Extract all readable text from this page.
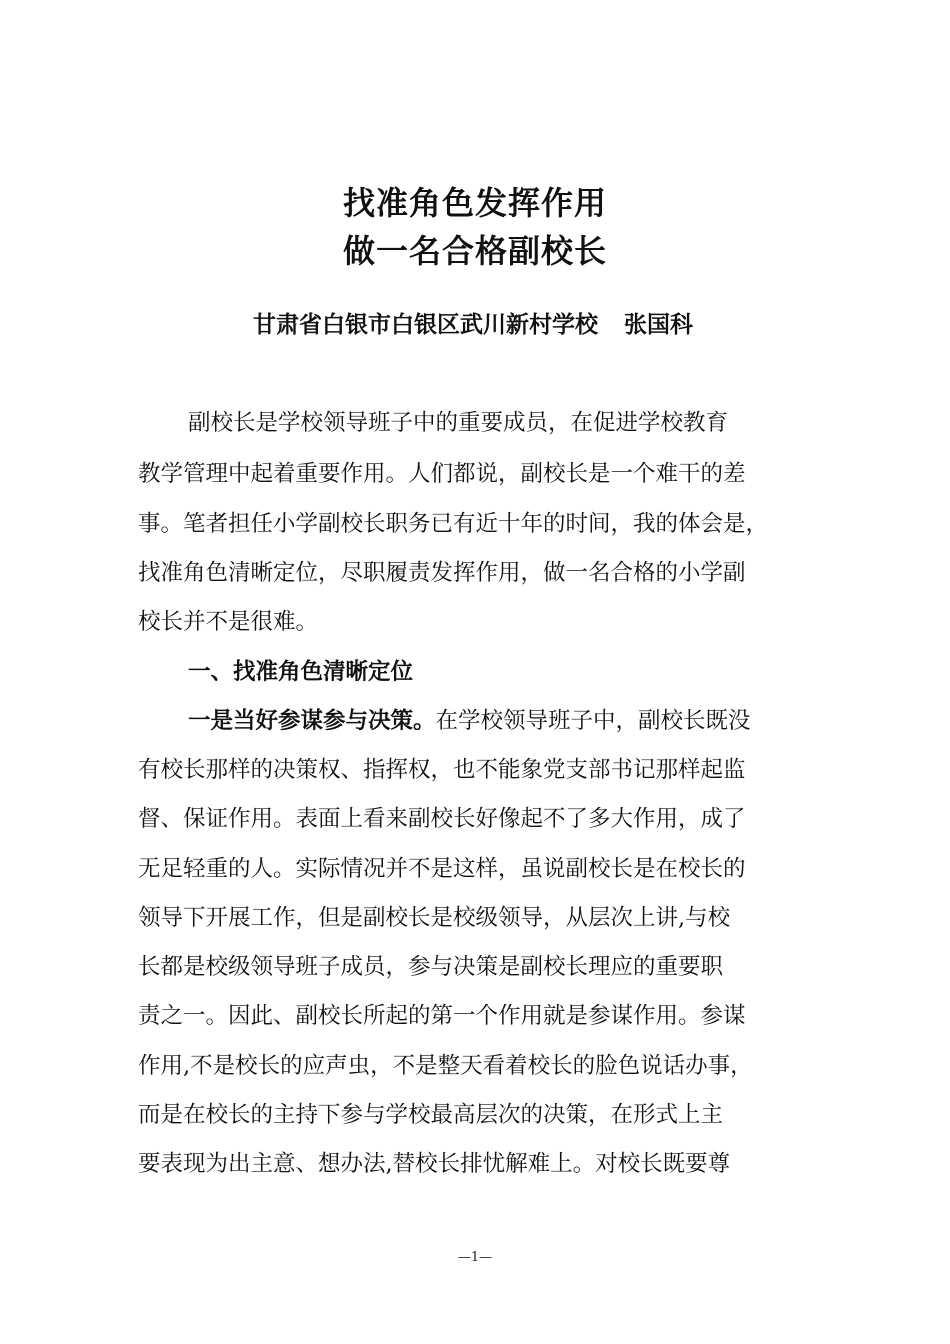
找准角色发挥作用
做一名合格副校长
甘肃省白银市白银区武川新村学校 张国科
副校长是学校领导班子中的重要成员，在促进学校教育
教学管理中起着重要作用。人们都说，副校长是一个难干的差
事。笔者担任小学副校长职务已有近十年的时间，我的体会是，
找准角色清晰定位，尽职履责发挥作用，做一名合格的小学副
校长并不是很难。
一、找准角色清晰定位
一是当好参谋参与决策。在学校领导班子中，副校长既没
有校长那样的决策权、指挥权，也不能象党支部书记那样起监
督、保证作用。表面上看来副校长好像起不了多大作用，成了
无足轻重的人。实际情况并不是这样，虽说副校长是在校长的
领导下开展工作，但是副校长是校级领导，从层次上讲,与校
长都是校级领导班子成员，参与决策是副校长理应的重要职
责之一。因此、副校长所起的第一个作用就是参谋作用。参谋
作用,不是校长的应声虫，不是整天看着校长的脸色说话办事，
而是在校长的主持下参与学校最高层次的决策，在形式上主
要表现为出主意、想办法,替校长排忧解难上。对校长既要尊
—1—
